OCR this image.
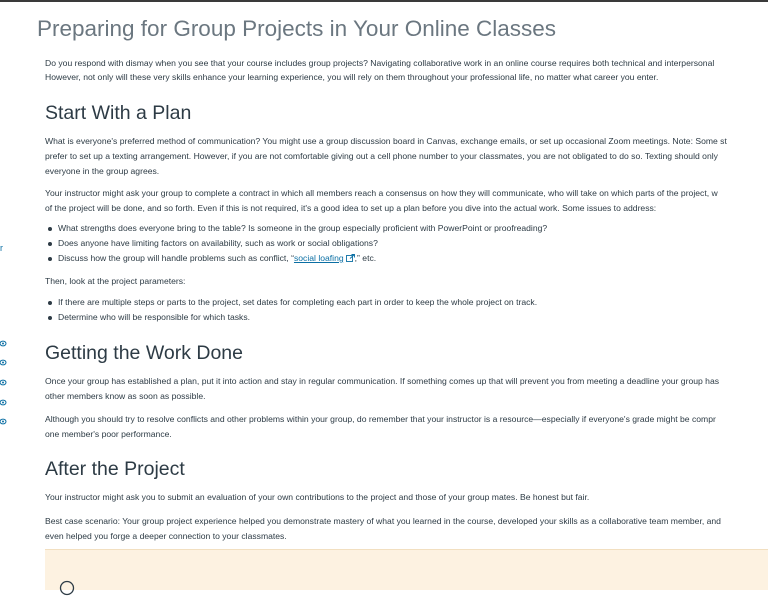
r
Preparing for Group Projects in Your Online Classes

Do you respond with dismay when you see that your course includes group projects? Navigating collaborative work in an online course requires both technical and interpersonal

However, not only will these very skills enhance your learning experience, you will rely on them throughout your professional life, no matter what career you enter.

Start With a Plan

What is everyone's preferred method of communication? You might use a group discussion board in Canvas, exchange emails, or set up occasional Zoom meetings. Note: Some st

prefer to set up a texting arrangement. However, if you are not comfortable giving out a cell phone number to your classmates, you are not obligated to do so. Texting should only

everyone in the group agrees.

Your instructor might ask your group to complete a contract in which all members reach a consensus on how they will communicate, who will take on which parts of the project, w

of the project will be done, and so forth. Even if this is not required, it's a good idea to set up a plan before you dive into the actual work. Some issues to address:

What strengths does everyone bring to the table? Is someone in the group especially proficient with PowerPoint or proofreading?
Does anyone have limiting factors on availability, such as work or social obligations?
Discuss how the group will handle problems such as conflict, “social loafing ,” etc.

Then, look at the project parameters:

If there are multiple steps or parts to the project, set dates for completing each part in order to keep the whole project on track.
Determine who will be responsible for which tasks.
Getting the Work Done

Once your group has established a plan, put it into action and stay in regular communication. If something comes up that will prevent you from meeting a deadline your group has

other members know as soon as possible.

Although you should try to resolve conflicts and other problems within your group, do remember that your instructor is a resource—especially if everyone's grade might be compr

one member's poor performance.

After the Project

Your instructor might ask you to submit an evaluation of your own contributions to the project and those of your group mates. Be honest but fair.

Best case scenario: Your group project experience helped you demonstrate mastery of what you learned in the course, developed your skills as a collaborative team member, and

even helped you forge a deeper connection to your classmates.
